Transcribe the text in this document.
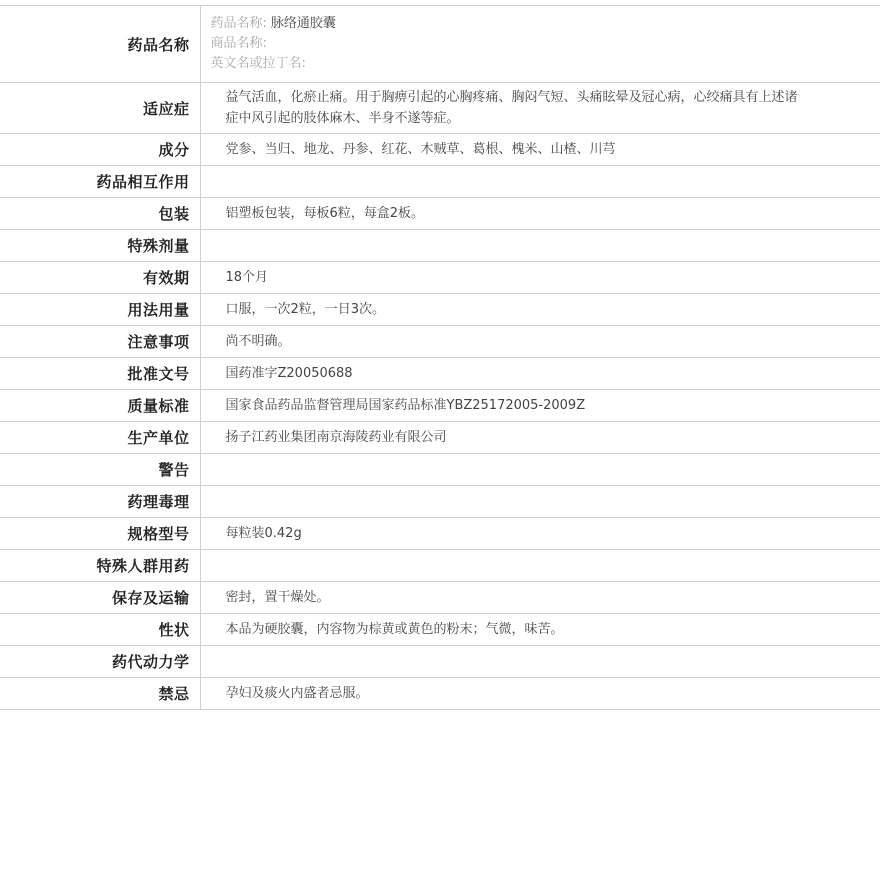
药品名称	药品名称: 脉络通胶囊
商品名称:
英文名或拉丁名:

适应症	益气活血，化瘀止痛。用于胸痹引起的心胸疼痛、胸闷气短、头痛眩晕及冠心病，心绞痛具有上述诸症中风引起的肢体麻木、半身不遂等症。

成分	党参、当归、地龙、丹参、红花、木贼草、葛根、槐米、山楂、川芎
药品相互作用	
包装	铝塑板包装，每板6粒，每盒2板。
特殊剂量	
有效期	18个月
用法用量	口服，一次2粒，一日3次。
注意事项	尚不明确。
批准文号	国药准字Z20050688
质量标准	国家食品药品监督管理局国家药品标准YBZ25172005-2009Z
生产单位	扬子江药业集团南京海陵药业有限公司
警告	
药理毒理	
规格型号	每粒装0.42g
特殊人群用药	
保存及运输	密封，置干燥处。
性状	本品为硬胶囊，内容物为棕黄或黄色的粉末；气微，味苦。
药代动力学	
禁忌	孕妇及痰火内盛者忌服。
